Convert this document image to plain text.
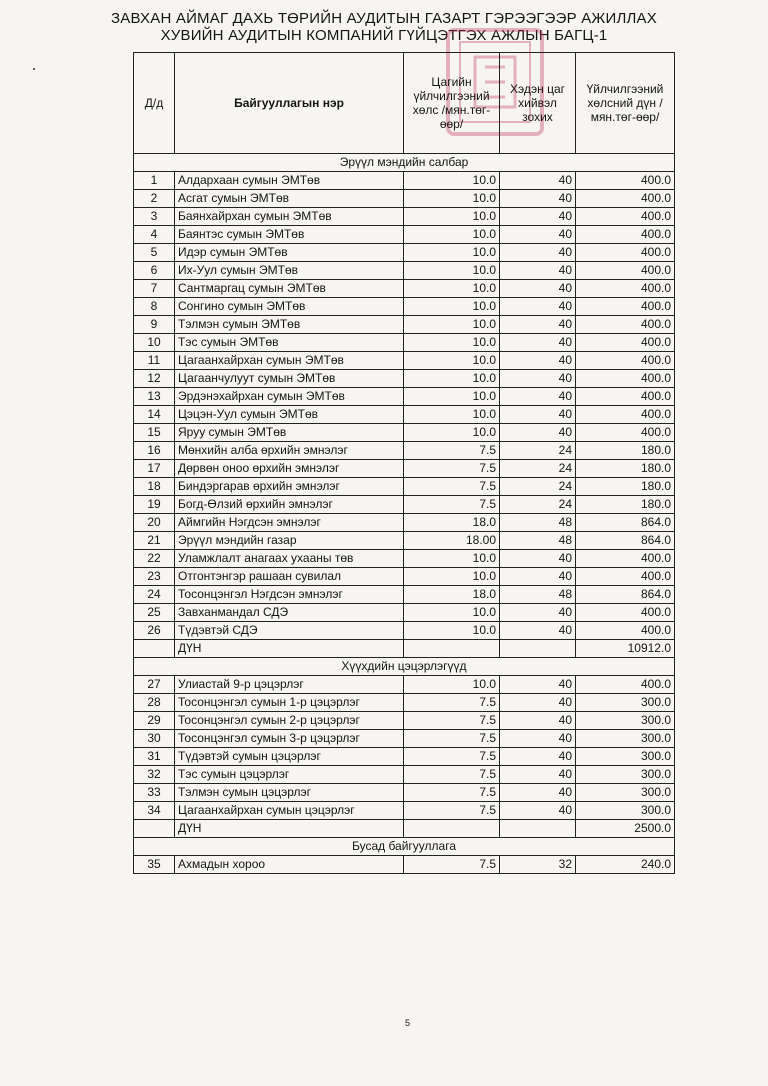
ЗАВХАН АЙМАГ ДАХЬ ТӨРИЙН АУДИТЫН ГАЗАРТ ГЭРЭЭГЭЭР АЖИЛЛАХ
ХУВИЙН АУДИТЫН КОМПАНИЙ ГҮЙЦЭТГЭХ АЖЛЫН БАГЦ-1
Д/д	Байгууллагын нэр	Цагийн үйлчилгээний хөлс /мян.төг-өөр/	Хэдэн цаг хийвэл зохих	Үйлчилгээний хөлсний дүн /мян.төг-өөр/
Эрүүл мэндийн салбар				
1	Алдархаан сумын ЭМТөв	10.0	40	400.0
2	Асгат сумын ЭМТөв	10.0	40	400.0
3	Баянхайрхан сумын ЭМТөв	10.0	40	400.0
4	Баянтэс сумын ЭМТөв	10.0	40	400.0
5	Идэр сумын ЭМТөв	10.0	40	400.0
6	Их-Уул сумын ЭМТөв	10.0	40	400.0
7	Сантмаргац сумын ЭМТөв	10.0	40	400.0
8	Сонгино сумын ЭМТөв	10.0	40	400.0
9	Тэлмэн сумын ЭМТөв	10.0	40	400.0
10	Тэс сумын ЭМТөв	10.0	40	400.0
11	Цагаанхайрхан сумын ЭМТөв	10.0	40	400.0
12	Цагаанчулуут сумын ЭМТөв	10.0	40	400.0
13	Эрдэнэхайрхан сумын ЭМТөв	10.0	40	400.0
14	Цэцэн-Уул сумын ЭМТөв	10.0	40	400.0
15	Яруу сумын ЭМТөв	10.0	40	400.0
16	Мөнхийн алба өрхийн эмнэлэг	7.5	24	180.0
17	Дөрвөн оноо өрхийн эмнэлэг	7.5	24	180.0
18	Биндэргарав өрхийн эмнэлэг	7.5	24	180.0
19	Богд-Өлзий өрхийн эмнэлэг	7.5	24	180.0
20	Аймгийн Нэгдсэн эмнэлэг	18.0	48	864.0
21	Эрүүл мэндийн газар	18.00	48	864.0
22	Уламжлалт анагаах ухааны төв	10.0	40	400.0
23	Отгонтэнгэр рашаан сувилал	10.0	40	400.0
24	Тосонцэнгэл Нэгдсэн эмнэлэг	18.0	48	864.0
25	Завханмандал СДЭ	10.0	40	400.0
26	Түдэвтэй СДЭ	10.0	40	400.0
	ДҮН			10912.0
Хүүхдийн цэцэрлэгүүд				
27	Улиастай 9-р цэцэрлэг	10.0	40	400.0
28	Тосонцэнгэл сумын 1-р цэцэрлэг	7.5	40	300.0
29	Тосонцэнгэл сумын 2-р цэцэрлэг	7.5	40	300.0
30	Тосонцэнгэл сумын 3-р цэцэрлэг	7.5	40	300.0
31	Түдэвтэй сумын цэцэрлэг	7.5	40	300.0
32	Тэс сумын цэцэрлэг	7.5	40	300.0
33	Тэлмэн сумын цэцэрлэг	7.5	40	300.0
34	Цагаанхайрхан сумын цэцэрлэг	7.5	40	300.0
	ДҮН			2500.0
Бусад байгууллага				
35	Ахмадын хороо	7.5	32	240.0
5
